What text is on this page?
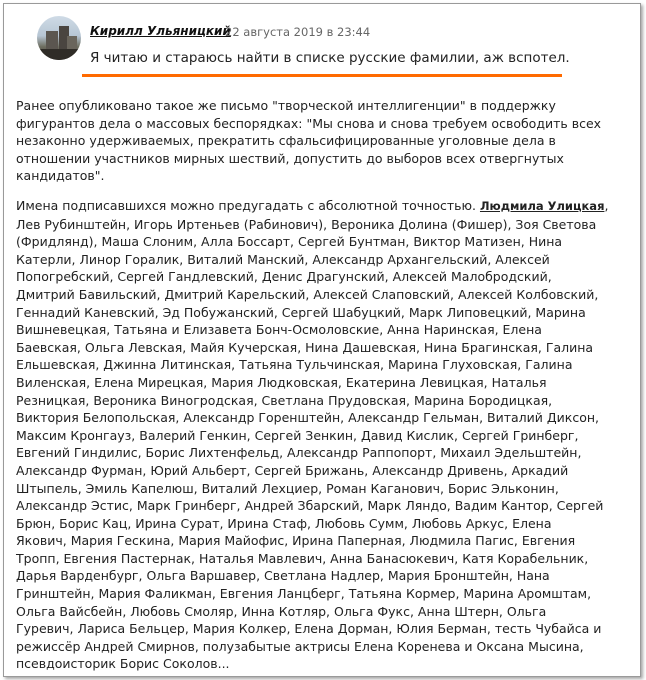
Кирилл Ульяницкий
22 августа 2019 в 23:44
Я читаю и стараюсь найти в списке русские фамилии, аж вспотел.
Ранее опубликовано такое же письмо "творческой интеллигенции" в поддержку
фигурантов дела о массовых беспорядках: "Мы снова и снова требуем освободить всех
незаконно удерживаемых, прекратить сфальсифицированные уголовные дела в
отношении участников мирных шествий, допустить до выборов всех отвергнутых
кандидатов".
Имена подписавшихся можно предугадать с абсолютной точностью. Людмила Улицкая,
Лев Рубинштейн, Игорь Иртеньев (Рабинович), Вероника Долина (Фишер), Зоя Светова
(Фридлянд), Маша Слоним, Алла Боссарт, Сергей Бунтман, Виктор Матизен, Нина
Катерли, Линор Горалик, Виталий Манский, Александр Архангельский, Алексей
Попогребский, Сергей Гандлевский, Денис Драгунский, Алексей Малобродский,
Дмитрий Бавильский, Дмитрий Карельский, Алексей Слаповский, Алексей Колбовский,
Геннадий Каневский, Эд Побужанский, Сергей Шабуцкий, Марк Липовецкий, Марина
Вишневецкая, Татьяна и Елизавета Бонч-Осмоловские, Анна Наринская, Елена
Баевская, Ольга Левская, Майя Кучерская, Нина Дашевская, Нина Брагинская, Галина
Ельшевская, Джинна Литинская, Татьяна Тульчинская, Марина Глуховская, Галина
Виленская, Елена Мирецкая, Мария Людковская, Екатерина Левицкая, Наталья
Резницкая, Вероника Виногродская, Светлана Прудовская, Марина Бородицкая,
Виктория Белопольская, Александр Горенштейн, Александр Гельман, Виталий Диксон,
Максим Кронгауз, Валерий Генкин, Сергей Зенкин, Давид Кислик, Сергей Гринберг,
Евгений Гиндилис, Борис Лихтенфельд, Александр Раппопорт, Михаил Эдельштейн,
Александр Фурман, Юрий Альберт, Сергей Брижань, Александр Дривень, Аркадий
Штыпель, Эмиль Капелюш, Виталий Лехциер, Роман Каганович, Борис Эльконин,
Александр Эстис, Марк Гринберг, Андрей Збарский, Марк Ляндо, Вадим Кантор, Сергей
Брюн, Борис Кац, Ирина Сурат, Ирина Стаф, Любовь Сумм, Любовь Аркус, Елена
Якович, Мария Гескина, Мария Майофис, Ирина Паперная, Людмила Пагис, Евгения
Тропп, Евгения Пастернак, Наталья Мавлевич, Анна Банасюкевич, Катя Корабельник,
Дарья Варденбург, Ольга Варшавер, Светлана Надлер, Мария Бронштейн, Нана
Гринштейн, Мария Фаликман, Евгения Ланцберг, Татьяна Кормер, Марина Аромштам,
Ольга Вайсбейн, Любовь Смоляр, Инна Котляр, Ольга Фукс, Анна Штерн, Ольга
Гуревич, Лариса Бельцер, Мария Колкер, Елена Дорман, Юлия Берман, тесть Чубайса и
режиссёр Андрей Смирнов, полузабытые актрисы Елена Коренева и Оксана Мысина,
псевдоисторик Борис Соколов...
